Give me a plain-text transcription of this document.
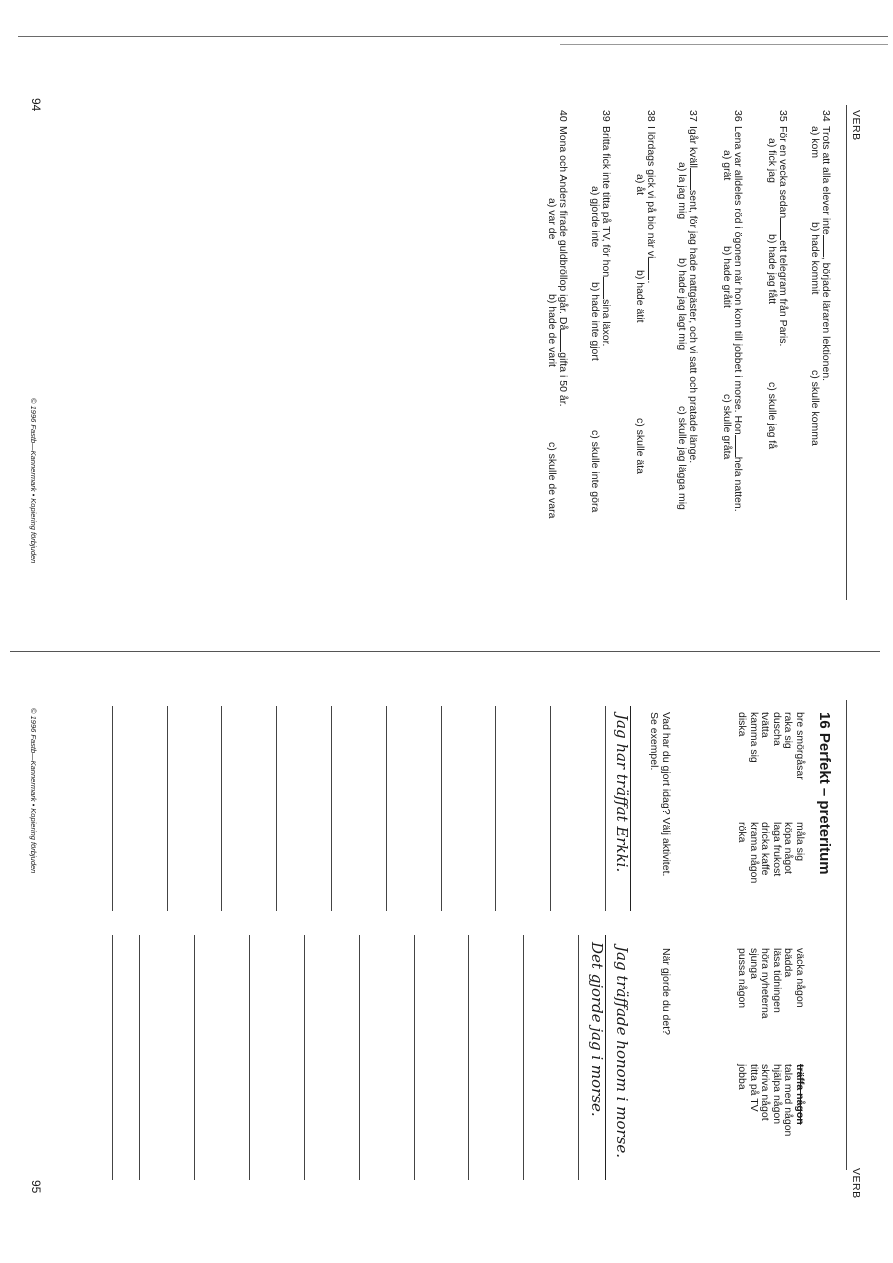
VERB
94
© 1996 Fastb—Kannermark • Kopiering förbjuden
34Trots att alla elever inte, började läraren lektionen.
a) kom
b) hade kommit
c) skulle komma
35För en vecka sedanett telegram från Paris.
a) fick jag
b) hade jag fått
c) skulle jag få
36Lena var alldeles röd i ögonen när hon kom till jobbet i morse. Honhela natten.
a) grät
b) hade gråtit
c) skulle gråta
37Igår kvällsent, för jag hade nattgäster, och vi satt och pratade länge.
a) la jag mig
b) hade jag lagt mig
c) skulle jag lägga mig
38I lördags gick vi på bio när vi.
a) åt
b) hade ätit
c) skulle äta
39Britta fick inte titta på TV, för honsina läxor.
a) gjorde inte
b) hade inte gjort
c) skulle inte göra
40Mona och Anders firade guldbröllop igår. Dågifta i 50 år.
a) var de
b) hade de varit
c) skulle de vara
VERB
95
© 1996 Fastb—Kannermark • Kopiering förbjuden	16 Perfekt – preteritum
bre smörgåsar
raka sig
duscha
tvätta
kamma sig
diska
måla sig
köpa något
laga frukost
dricka kaffe
krama någon
röka
väcka någon
bädda
läsa tidningen
höra nyheterna
sjunga
pussa någon
träffa någon
tala med någon
hjälpa någon
skriva något
titta på TV
jobba
Vad har du gjort idag? Välj aktivitet.
Se exempel.
När gjorde du det?
Jag har träffat Erkki.
Jag träffade honom i morse.
Det gjorde jag i morse.
